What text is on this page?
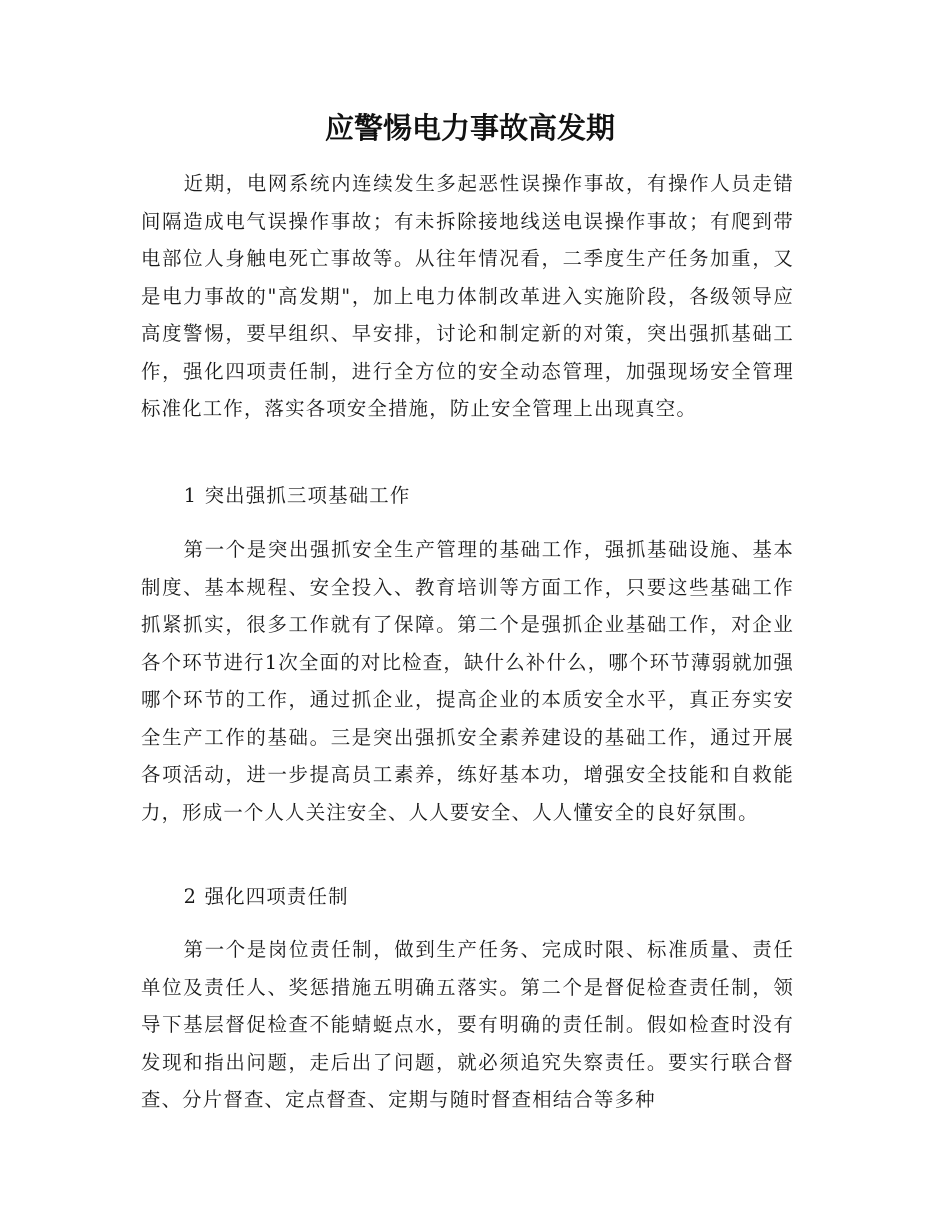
应警惕电力事故高发期

近期，电网系统内连续发生多起恶性误操作事故，有操作人员走错间隔造成电气误操作事故；有未拆除接地线送电误操作事故；有爬到带电部位人身触电死亡事故等。从往年情况看，二季度生产任务加重，又是电力事故的"高发期"，加上电力体制改革进入实施阶段，各级领导应高度警惕，要早组织、早安排，讨论和制定新的对策，突出强抓基础工作，强化四项责任制，进行全方位的安全动态管理，加强现场安全管理标准化工作，落实各项安全措施，防止安全管理上出现真空。

1 突出强抓三项基础工作

第一个是突出强抓安全生产管理的基础工作，强抓基础设施、基本制度、基本规程、安全投入、教育培训等方面工作，只要这些基础工作抓紧抓实，很多工作就有了保障。第二个是强抓企业基础工作，对企业各个环节进行1次全面的对比检查，缺什么补什么，哪个环节薄弱就加强哪个环节的工作，通过抓企业，提高企业的本质安全水平，真正夯实安全生产工作的基础。三是突出强抓安全素养建设的基础工作，通过开展各项活动，进一步提高员工素养，练好基本功，增强安全技能和自救能力，形成一个人人关注安全、人人要安全、人人懂安全的良好氛围。

2 强化四项责任制

第一个是岗位责任制，做到生产任务、完成时限、标准质量、责任单位及责任人、奖惩措施五明确五落实。第二个是督促检查责任制，领导下基层督促检查不能蜻蜓点水，要有明确的责任制。假如检查时没有发现和指出问题，走后出了问题，就必须追究失察责任。要实行联合督查、分片督查、定点督查、定期与随时督查相结合等多种
